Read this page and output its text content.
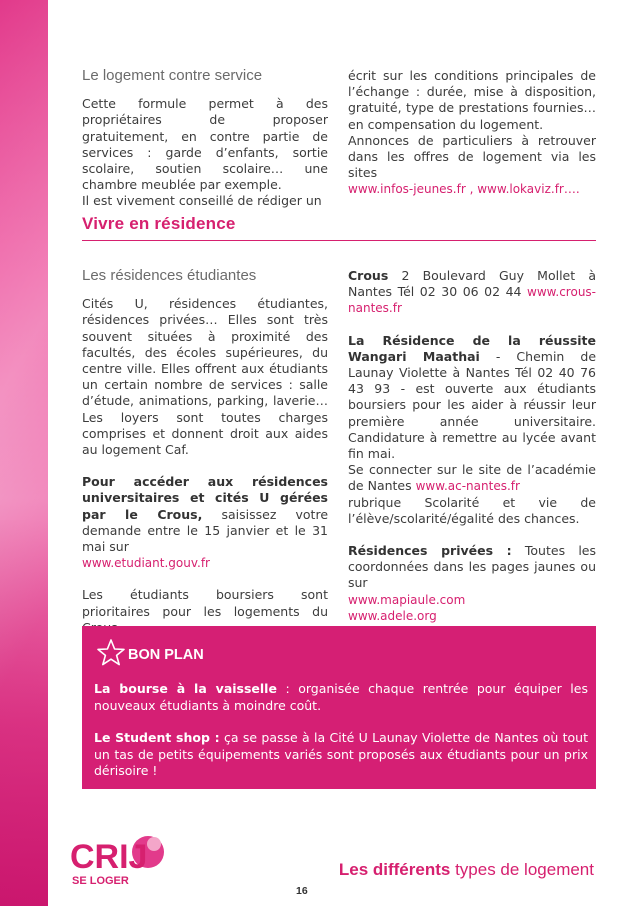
Le logement contre service

Cette formule permet à des propriétaires de proposer gratuitement, en contre partie de services : garde d’enfants, sortie scolaire, soutien scolaire… une chambre meublée par exemple.

Il est vivement conseillé de rédiger un

écrit sur les conditions principales de l’échange : durée, mise à disposition, gratuité, type de prestations fournies… en compensation du logement.

Annonces de particuliers à retrouver dans les offres de logement via les sites

www.infos-jeunes.fr , www.lokaviz.fr….

Vivre en résidence
Les résidences étudiantes

Cités U, résidences étudiantes, résidences privées… Elles sont très souvent situées à proximité des facultés, des écoles supérieures, du centre ville. Elles offrent aux étudiants un certain nombre de services : salle d’étude, animations, parking, laverie… Les loyers sont toutes charges comprises et donnent droit aux aides au logement Caf.

Pour accéder aux résidences universitaires et cités U gérées par le Crous, saisissez votre demande entre le 15 janvier et le 31 mai sur
www.etudiant.gouv.fr

Les étudiants boursiers sont prioritaires pour les logements du

Crous 2 Boulevard Guy Mollet à Nantes Tél 02 30 06 02 44 www.crous-nantes.fr

La Résidence de la réussite Wangari Maathai - Chemin de Launay Violette à Nantes Tél 02 40 76 43 93 - est ouverte aux étudiants boursiers pour les aider à réussir leur première année universitaire. Candidature à remettre au lycée avant fin mai.

Se connecter sur le site de l’académie de Nantes www.ac-nantes.fr
rubrique Scolarité et vie de l’élève/scolarité/égalité des chances.

Résidences privées : Toutes les coordonnées dans les pages jaunes ou sur
www.mapiaule.com
www.adele.org

BON PLAN

La bourse à la vaisselle : organisée chaque rentrée pour équiper les nouveaux étudiants à moindre coût.

Le Student shop : ça se passe à la Cité U Launay Violette de Nantes où tout un tas de petits équipements variés sont proposés aux étudiants pour un prix dérisoire !

CRIJ
SE LOGER
Les différents types de logement
16
